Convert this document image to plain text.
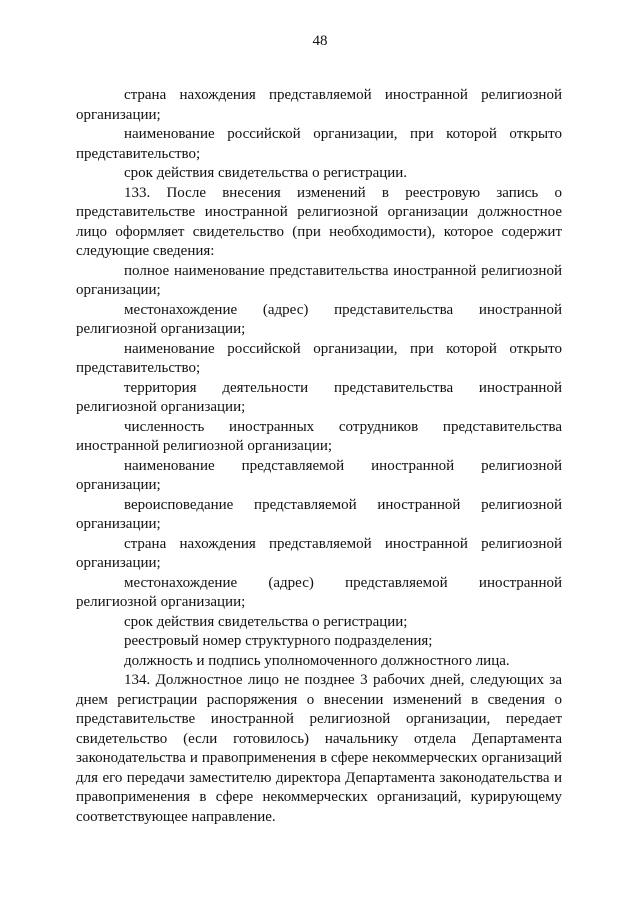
48

страна нахождения представляемой иностранной религиозной организации;

наименование российской организации, при которой открыто представительство;

срок действия свидетельства о регистрации.

133. После внесения изменений в реестровую запись о представительстве иностранной религиозной организации должностное лицо оформляет свидетельство (при необходимости), которое содержит следующие сведения:

полное наименование представительства иностранной религиозной организации;

местонахождение (адрес) представительства иностранной религиозной организации;

наименование российской организации, при которой открыто представительство;

территория деятельности представительства иностранной религиозной организации;

численность иностранных сотрудников представительства иностранной религиозной организации;

наименование представляемой иностранной религиозной организации;

вероисповедание представляемой иностранной религиозной организации;

страна нахождения представляемой иностранной религиозной организации;

местонахождение (адрес) представляемой иностранной религиозной организации;

срок действия свидетельства о регистрации;

реестровый номер структурного подразделения;

должность и подпись уполномоченного должностного лица.

134. Должностное лицо не позднее 3 рабочих дней, следующих за днем регистрации распоряжения о внесении изменений в сведения о представительстве иностранной религиозной организации, передает свидетельство (если готовилось) начальнику отдела Департамента законодательства и правоприменения в сфере некоммерческих организаций для его передачи заместителю директора Департамента законодательства и правоприменения в сфере некоммерческих организаций, курирующему соответствующее направление.
